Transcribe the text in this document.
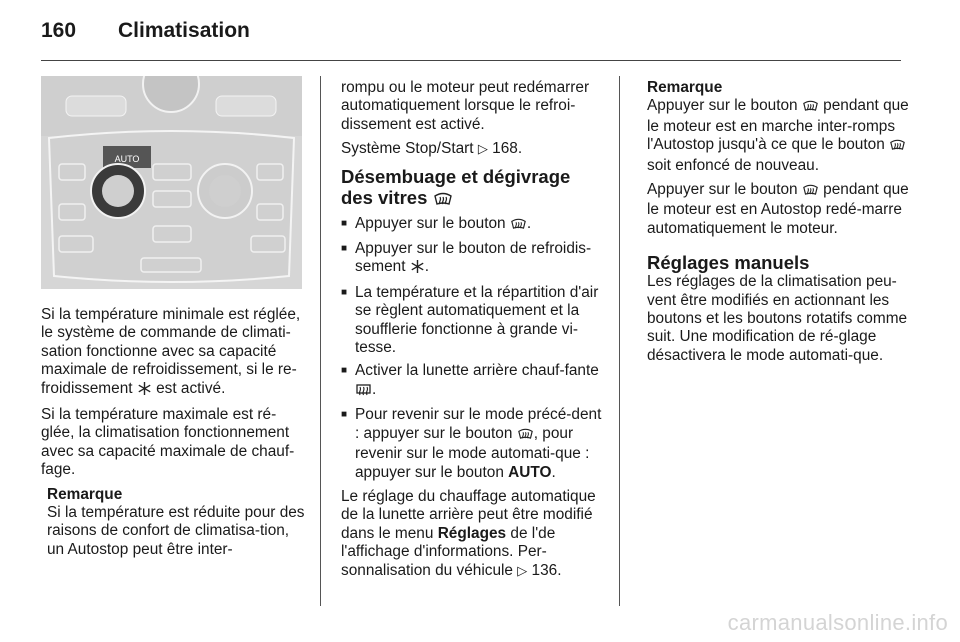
160 Climatisation
AUTO

Si la température minimale est réglée, le système de commande de climati-sation fonctionne avec sa capacité maximale de refroidissement, si le re-froidissement est activé.

Si la température maximale est ré-glée, la climatisation fonctionnement avec sa capacité maximale de chauf-fage.

Remarque

Si la température est réduite pour des raisons de confort de climatisa-tion, un Autostop peut être inter-

rompu ou le moteur peut redémarrer automatiquement lorsque le refroi-dissement est activé.

Système Stop/Start ▷ 168.

Désembuage et dégivrage des vitres
■ Appuyer sur le bouton .
■ Appuyer sur le bouton de refroidis-sement .
■ La température et la répartition d'air se règlent automatiquement et la soufflerie fonctionne à grande vi-tesse.
■ Activer la lunette arrière chauf-fante .
■ Pour revenir sur le mode précé-dent : appuyer sur le bouton , pour revenir sur le mode automati-que : appuyer sur le bouton AUTO.

Le réglage du chauffage automatique de la lunette arrière peut être modifié dans le menu Réglages de l'de l'affichage d'informations. Per-sonnalisation du véhicule ▷ 136.

Remarque

Appuyer sur le bouton pendant que le moteur est en marche inter-romps l'Autostop jusqu'à ce que le bouton  soit enfoncé de nouveau.

Appuyer sur le bouton pendant que le moteur est en Autostop redé-marre automatiquement le moteur.

Réglages manuels

Les réglages de la climatisation peu-vent être modifiés en actionnant les boutons et les boutons rotatifs comme suit. Une modification de ré-glage désactivera le mode automati-que.

carmanualsonline.info
